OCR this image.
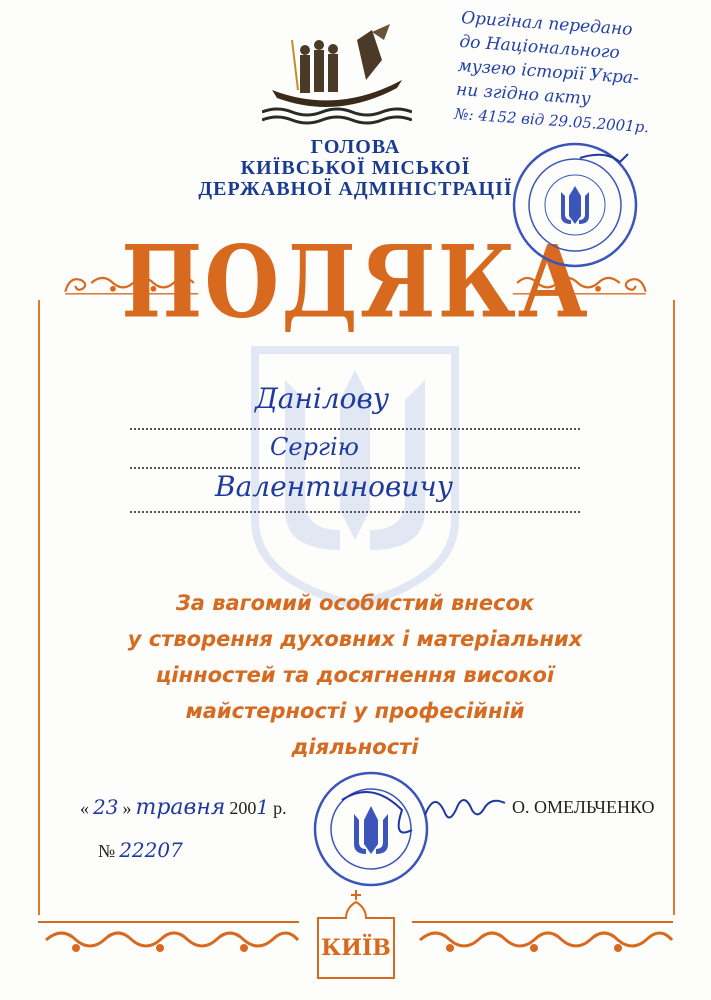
ГОЛОВА
КИЇВСЬКОЇ МІСЬКОЇ
ДЕРЖАВНОЇ АДМІНІСТРАЦІЇ
ПОДЯКА
Данілову
Сергію
Валентиновичу
За вагомий особистий внесок
у створення духовних і матеріальних
цінностей та досягнення високої
майстерності у професійній
діяльності
« 23 » травня 2001 р.
№ 22207
О. ОМЕЛЬЧЕНКО
КИЇВ
Оригінал передано
до Національного
музею історії Укра-
ни згідно акту
№: 4152 від 29.05.2001р.
